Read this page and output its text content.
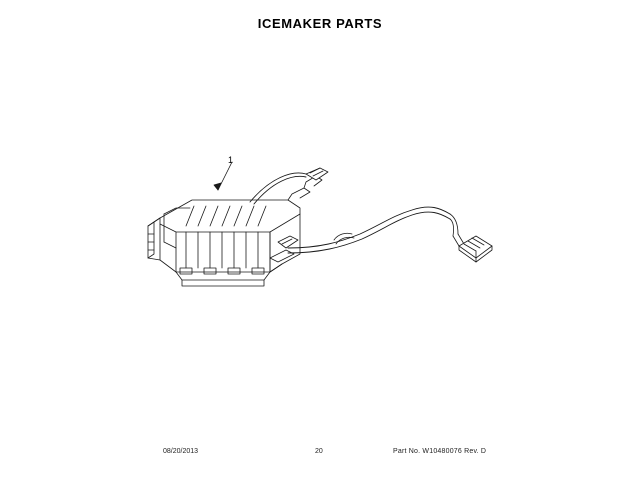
ICEMAKER PARTS
1
08/20/2013	20	Part No. W10480076 Rev. D
